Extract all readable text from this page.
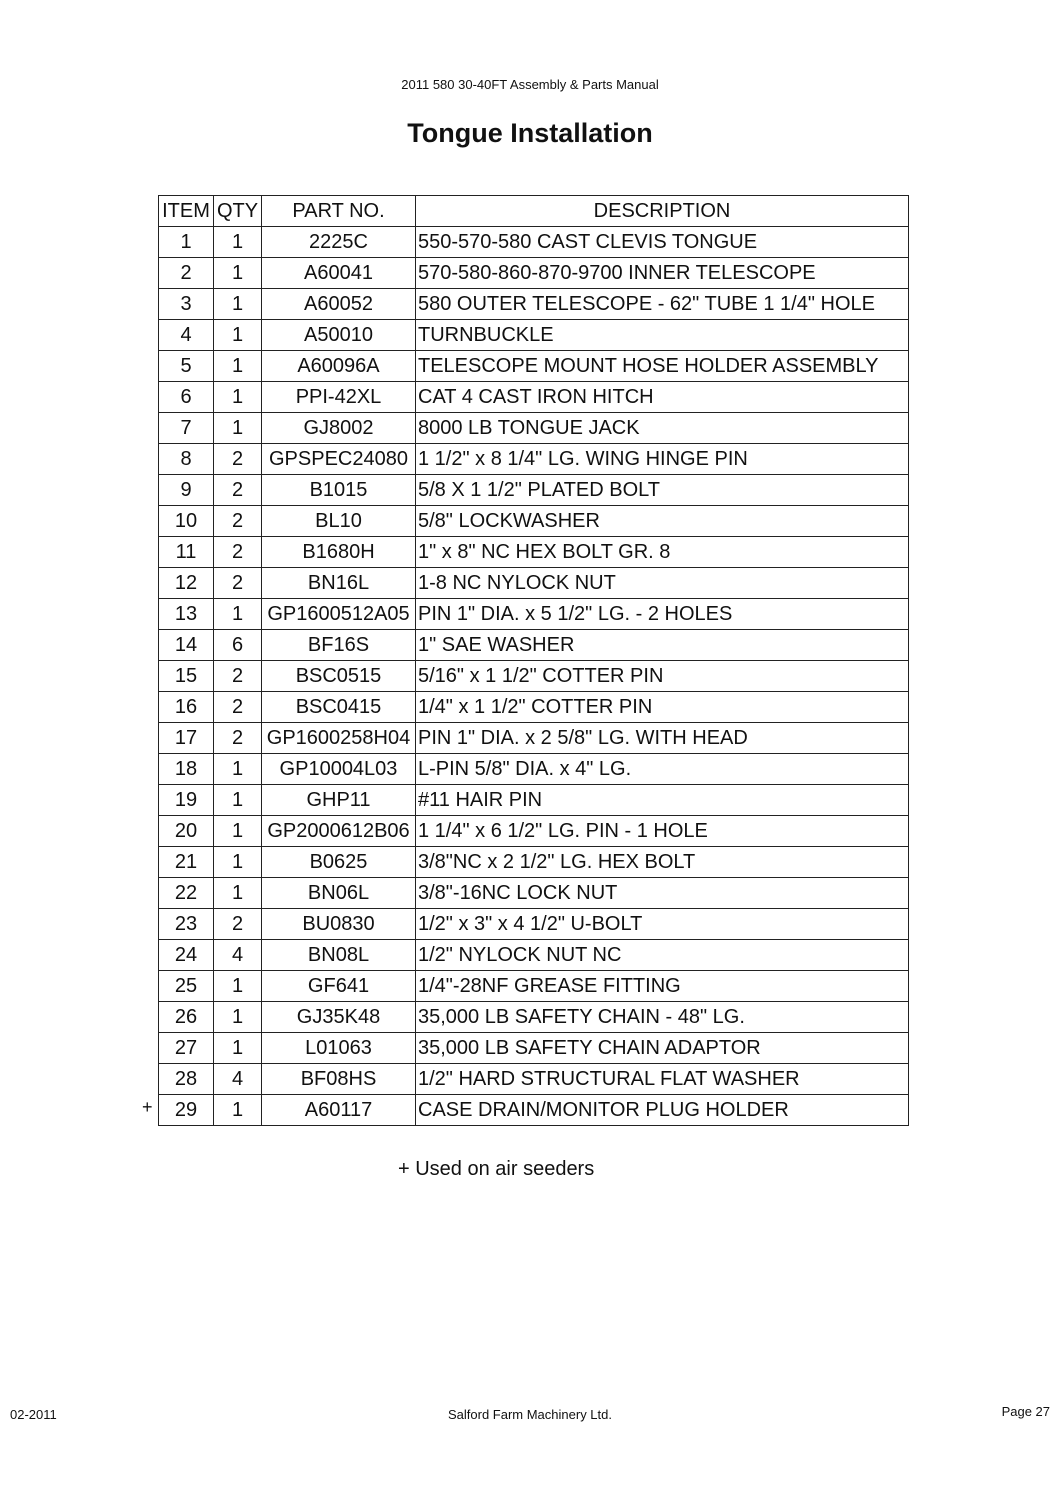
2011 580 30-40FT Assembly & Parts Manual
Tongue Installation
ITEM	QTY	PART NO.	DESCRIPTION
1	1	2225C	550-570-580 CAST CLEVIS TONGUE
2	1	A60041	570-580-860-870-9700 INNER TELESCOPE
3	1	A60052	580 OUTER TELESCOPE - 62" TUBE 1 1/4" HOLE
4	1	A50010	TURNBUCKLE
5	1	A60096A	TELESCOPE MOUNT HOSE HOLDER ASSEMBLY
6	1	PPI-42XL	CAT 4 CAST IRON HITCH
7	1	GJ8002	8000 LB TONGUE JACK
8	2	GPSPEC24080	1 1/2" x 8 1/4" LG. WING HINGE PIN
9	2	B1015	5/8 X 1 1/2" PLATED BOLT
10	2	BL10	5/8" LOCKWASHER
11	2	B1680H	1" x 8" NC HEX BOLT GR. 8
12	2	BN16L	1-8 NC NYLOCK NUT
13	1	GP1600512A05	PIN 1" DIA. x 5 1/2" LG. - 2 HOLES
14	6	BF16S	1" SAE WASHER
15	2	BSC0515	5/16" x 1 1/2" COTTER PIN
16	2	BSC0415	1/4" x 1 1/2" COTTER PIN
17	2	GP1600258H04	PIN 1" DIA. x 2 5/8" LG. WITH HEAD
18	1	GP10004L03	L-PIN 5/8" DIA. x 4" LG.
19	1	GHP11	#11 HAIR PIN
20	1	GP2000612B06	1 1/4" x 6 1/2" LG. PIN - 1 HOLE
21	1	B0625	3/8"NC x 2 1/2" LG. HEX BOLT
22	1	BN06L	3/8"-16NC LOCK NUT
23	2	BU0830	1/2" x 3" x 4 1/2" U-BOLT
24	4	BN08L	1/2" NYLOCK NUT NC
25	1	GF641	1/4"-28NF GREASE FITTING
26	1	GJ35K48	35,000 LB SAFETY CHAIN - 48" LG.
27	1	L01063	35,000 LB SAFETY CHAIN ADAPTOR
28	4	BF08HS	1/2" HARD STRUCTURAL FLAT WASHER

+ 29	1	A60117	CASE DRAIN/MONITOR PLUG HOLDER
+ Used on air seeders
02-2011	Salford Farm Machinery Ltd.	Page 27
